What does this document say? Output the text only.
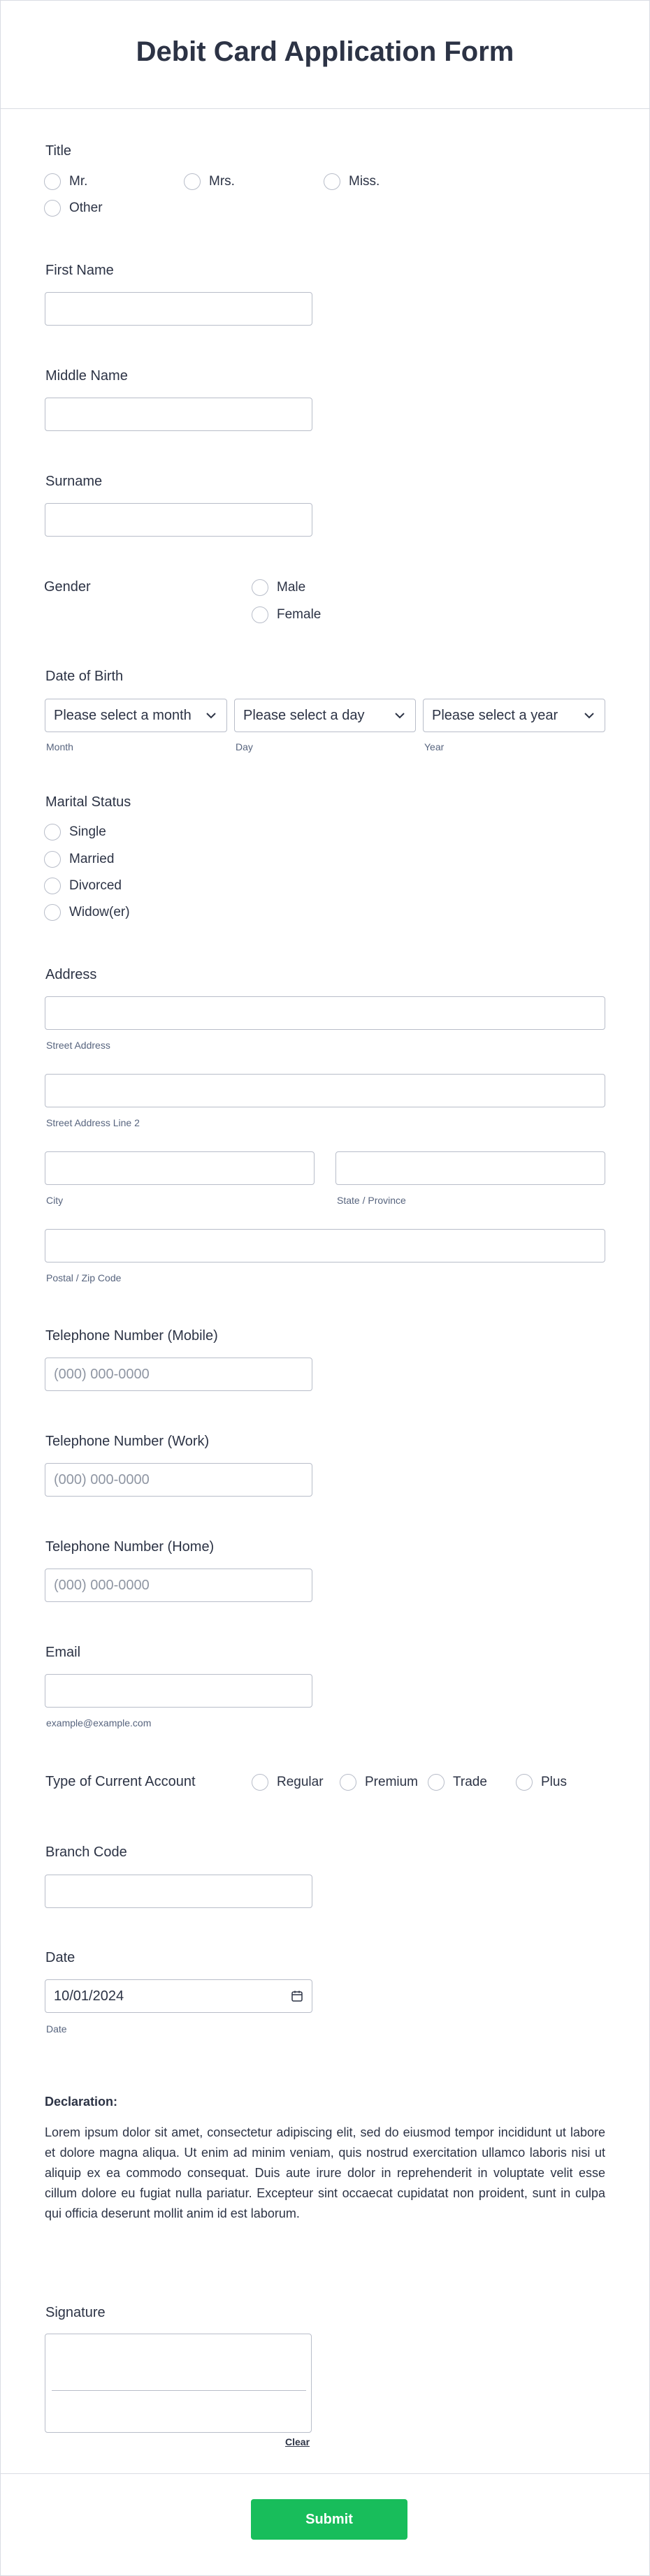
Debit Card Application Form
Title
Mr.	Mrs.	Miss.
Other
First Name
Middle Name
Surname
Gender	Male
Female
Date of Birth
Please select a month	Please select a day	Please select a year
Month	Day	Year
Marital Status
Single
Married
Divorced
Widow(er)
Address
Street Address
Street Address Line 2
City	State / Province
Postal / Zip Code
Telephone Number (Mobile)
(000) 000-0000
Telephone Number (Work)
(000) 000-0000
Telephone Number (Home)
(000) 000-0000
Email
example@example.com
Type of Current Account	Regular	Premium	Trade	Plus
Branch Code
Date
10/01/2024
Date
Declaration:
Lorem ipsum dolor sit amet, consectetur adipiscing elit, sed do eiusmod tempor incididunt ut labore et dolore magna aliqua. Ut enim ad minim veniam, quis nostrud exercitation ullamco laboris nisi ut aliquip ex ea commodo consequat. Duis aute irure dolor in reprehenderit in voluptate velit esse cillum dolore eu fugiat nulla pariatur. Excepteur sint occaecat cupidatat non proident, sunt in culpa qui officia deserunt mollit anim id est laborum.
Signature
Clear
Submit
